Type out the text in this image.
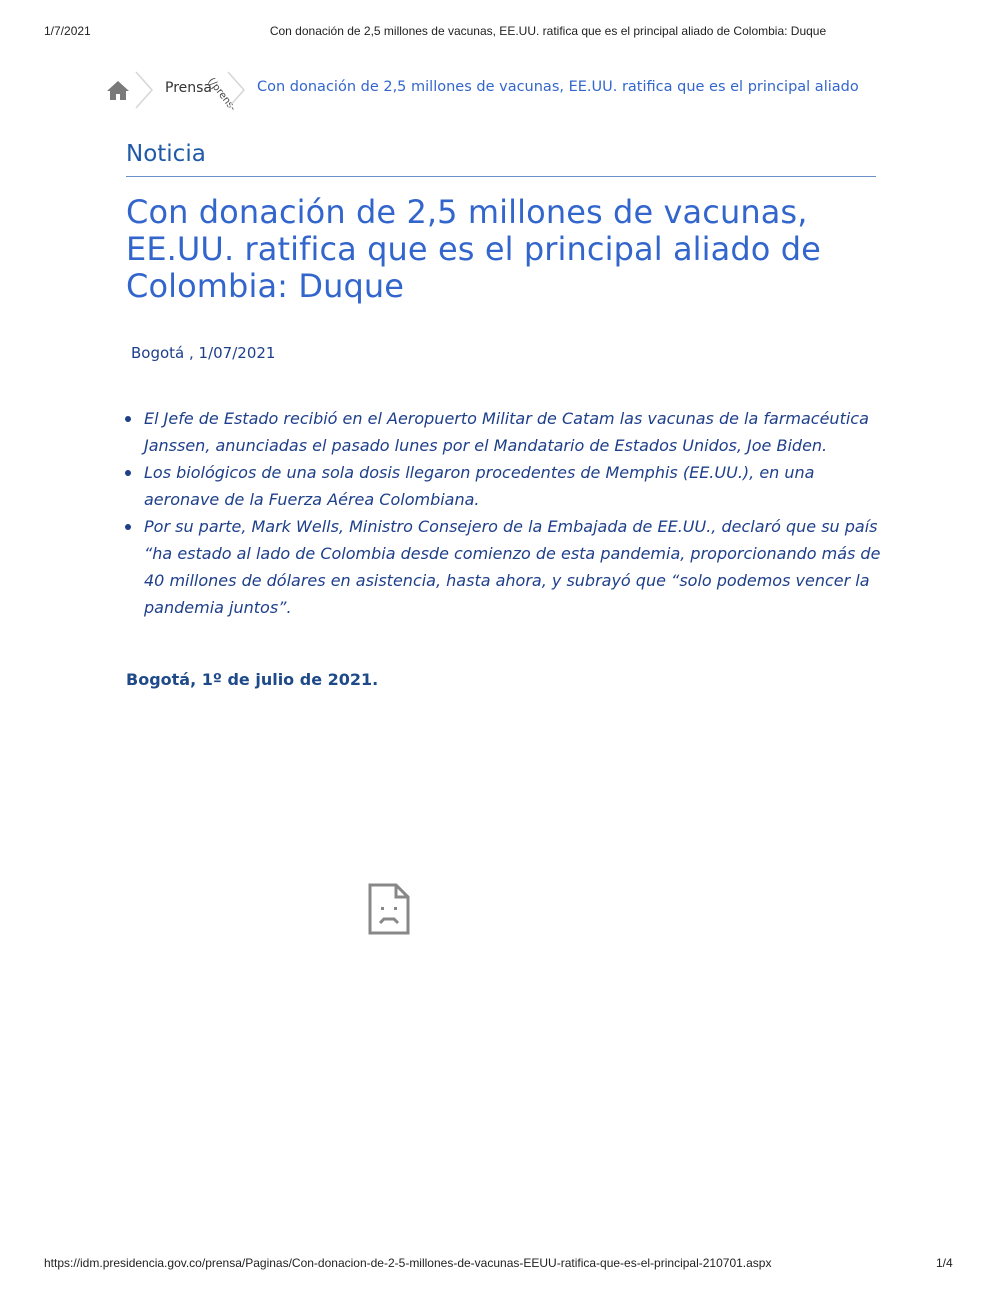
1/7/2021	Con donación de 2,5 millones de vacunas, EE.UU. ratifica que es el principal aliado de Colombia: Duque
Prensa
(/prens- Con donación de 2,5 millones de vacunas, EE.UU. ratifica que es el principal aliado
Noticia
Con donación de 2,5 millones de vacunas, EE.UU. ratifica que es el principal aliado de Colombia: Duque
Bogotá , 1/07/2021
El Jefe de Estado recibió en el Aeropuerto Militar de Catam las vacunas de la farmacéutica Janssen, anunciadas el pasado lunes por el Mandatario de Estados Unidos, Joe Biden.
Los biológicos de una sola dosis llegaron procedentes de Memphis (EE.UU.), en una aeronave de la Fuerza Aérea Colombiana.
Por su parte, Mark Wells, Ministro Consejero de la Embajada de EE.UU., declaró que su país “ha estado al lado de Colombia desde comienzo de esta pandemia, proporcionando más de 40 millones de dólares en asistencia, hasta ahora, y subrayó que “solo podemos vencer la pandemia juntos”.
Bogotá, 1º de julio de 2021.
https://idm.presidencia.gov.co/prensa/Paginas/Con-donacion-de-2-5-millones-de-vacunas-EEUU-ratifica-que-es-el-principal-210701.aspx	1/4
